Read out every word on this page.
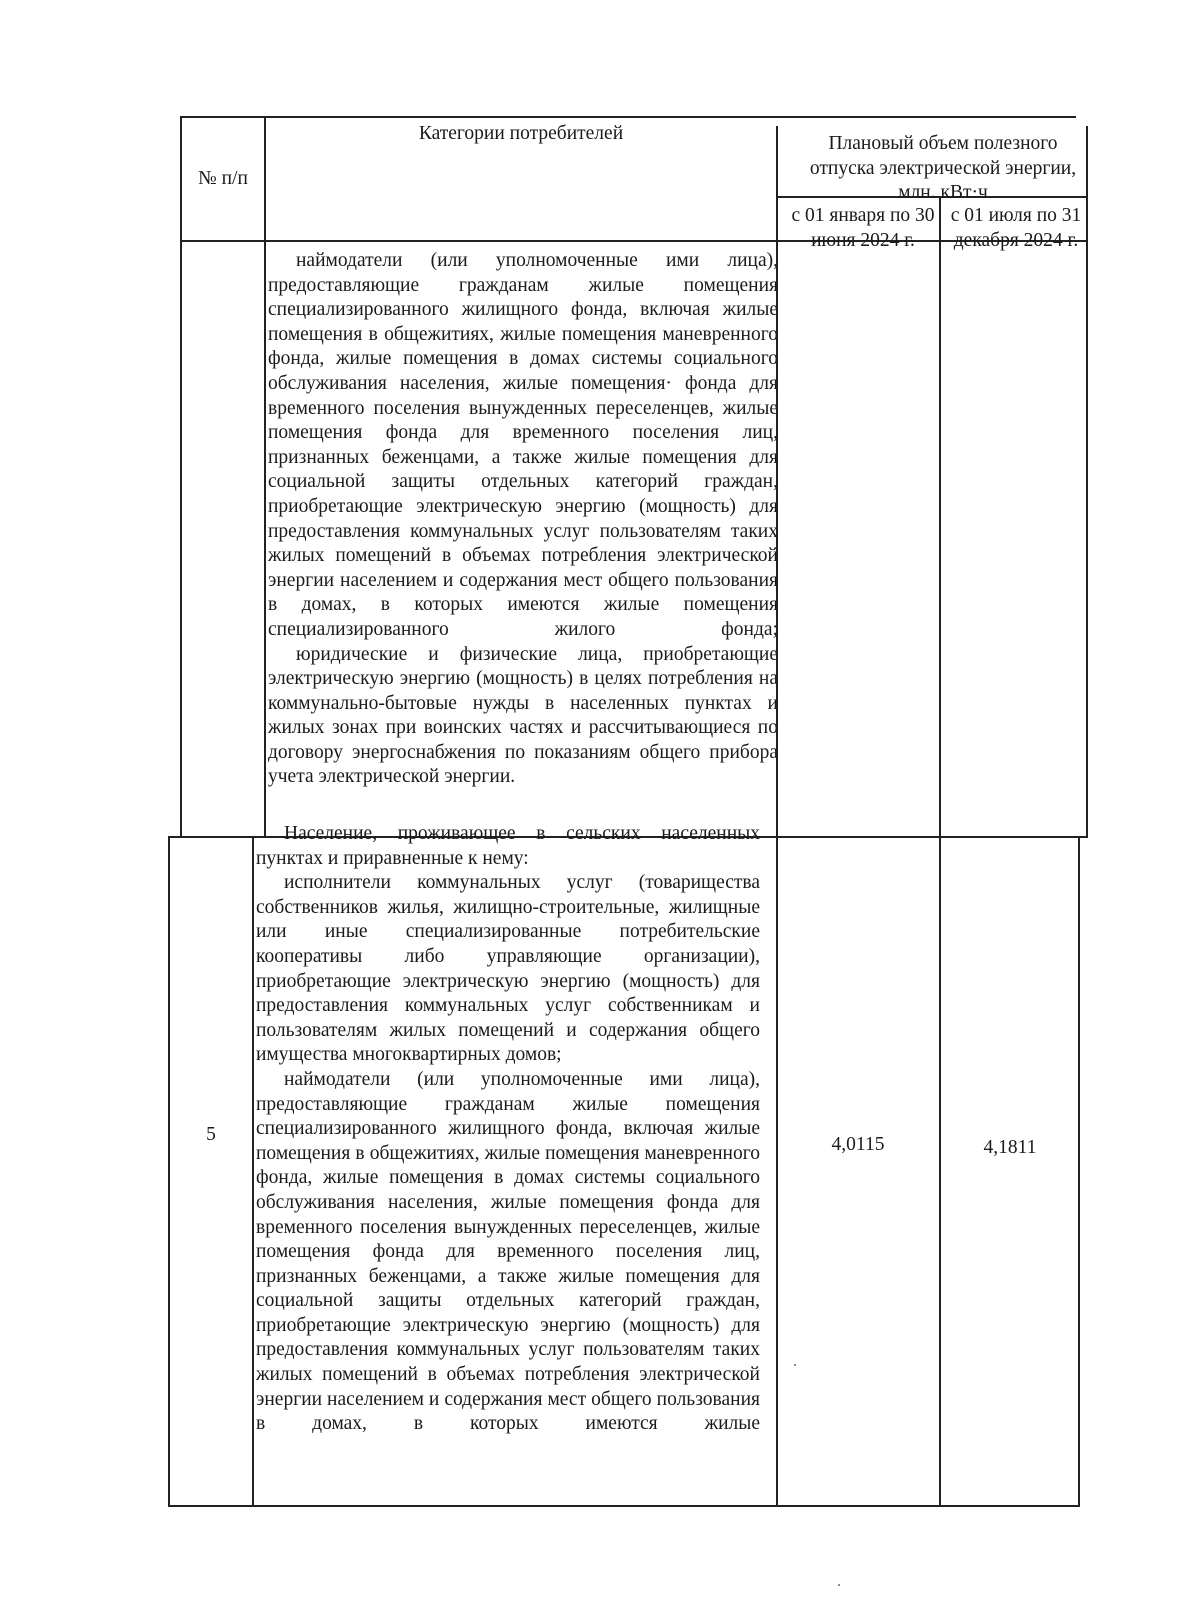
№ п/п
Категории потребителей	Плановый объем полезного отпуска электрической энергии, млн. кВт·ч
с 01 января по 30 июня 2024 г.
с 01 июля по 31 декабря 2024 г.

наймодатели (или уполномоченные ими лица), предоставляющие гражданам жилые помещения специализированного жилищного фонда, включая жилые помещения в общежитиях, жилые помещения маневренного фонда, жилые помещения в домах системы социального обслуживания населения, жилые помещения· фонда для временного поселения вынужденных переселенцев, жилые помещения фонда для временного поселения лиц, признанных беженцами, а также жилые помещения для социальной защиты отдельных категорий граждан, приобретающие электрическую энергию (мощность) для предоставления коммунальных услуг пользователям таких жилых помещений в объемах потребления электрической энергии населением и содержания мест общего пользования в домах, в которых имеются жилые помещения специализированного жилого фонда;

юридические и физические лица, приобретающие электрическую энергию (мощность) в целях потребления на коммунально-бытовые нужды в населенных пунктах и жилых зонах при воинских частях и рассчитывающиеся по договору энергоснабжения по показаниям общего прибора учета электрической энергии.

5

Население, проживающее в сельских населенных пунктах и приравненные к нему:

исполнители коммунальных услуг (товарищества собственников жилья, жилищно-строительные, жилищные или иные специализированные потребительские кооперативы либо управляющие организации), приобретающие электрическую энергию (мощность) для предоставления коммунальных услуг собственникам и пользователям жилых помещений и содержания общего имущества многоквартирных домов;

наймодатели (или уполномоченные ими лица), предоставляющие гражданам жилые помещения специализированного жилищного фонда, включая жилые помещения в общежитиях, жилые помещения маневренного фонда, жилые помещения в домах системы социального обслуживания населения, жилые помещения фонда для временного поселения вынужденных переселенцев, жилые помещения фонда для временного поселения лиц, признанных беженцами, а также жилые помещения для социальной защиты отдельных категорий граждан, приобретающие электрическую энергию (мощность) для предоставления коммунальных услуг пользователям таких жилых помещений в объемах потребления электрической энергии населением и содержания мест общего пользования в домах, в которых имеются жилые

4,0115	4,1811
